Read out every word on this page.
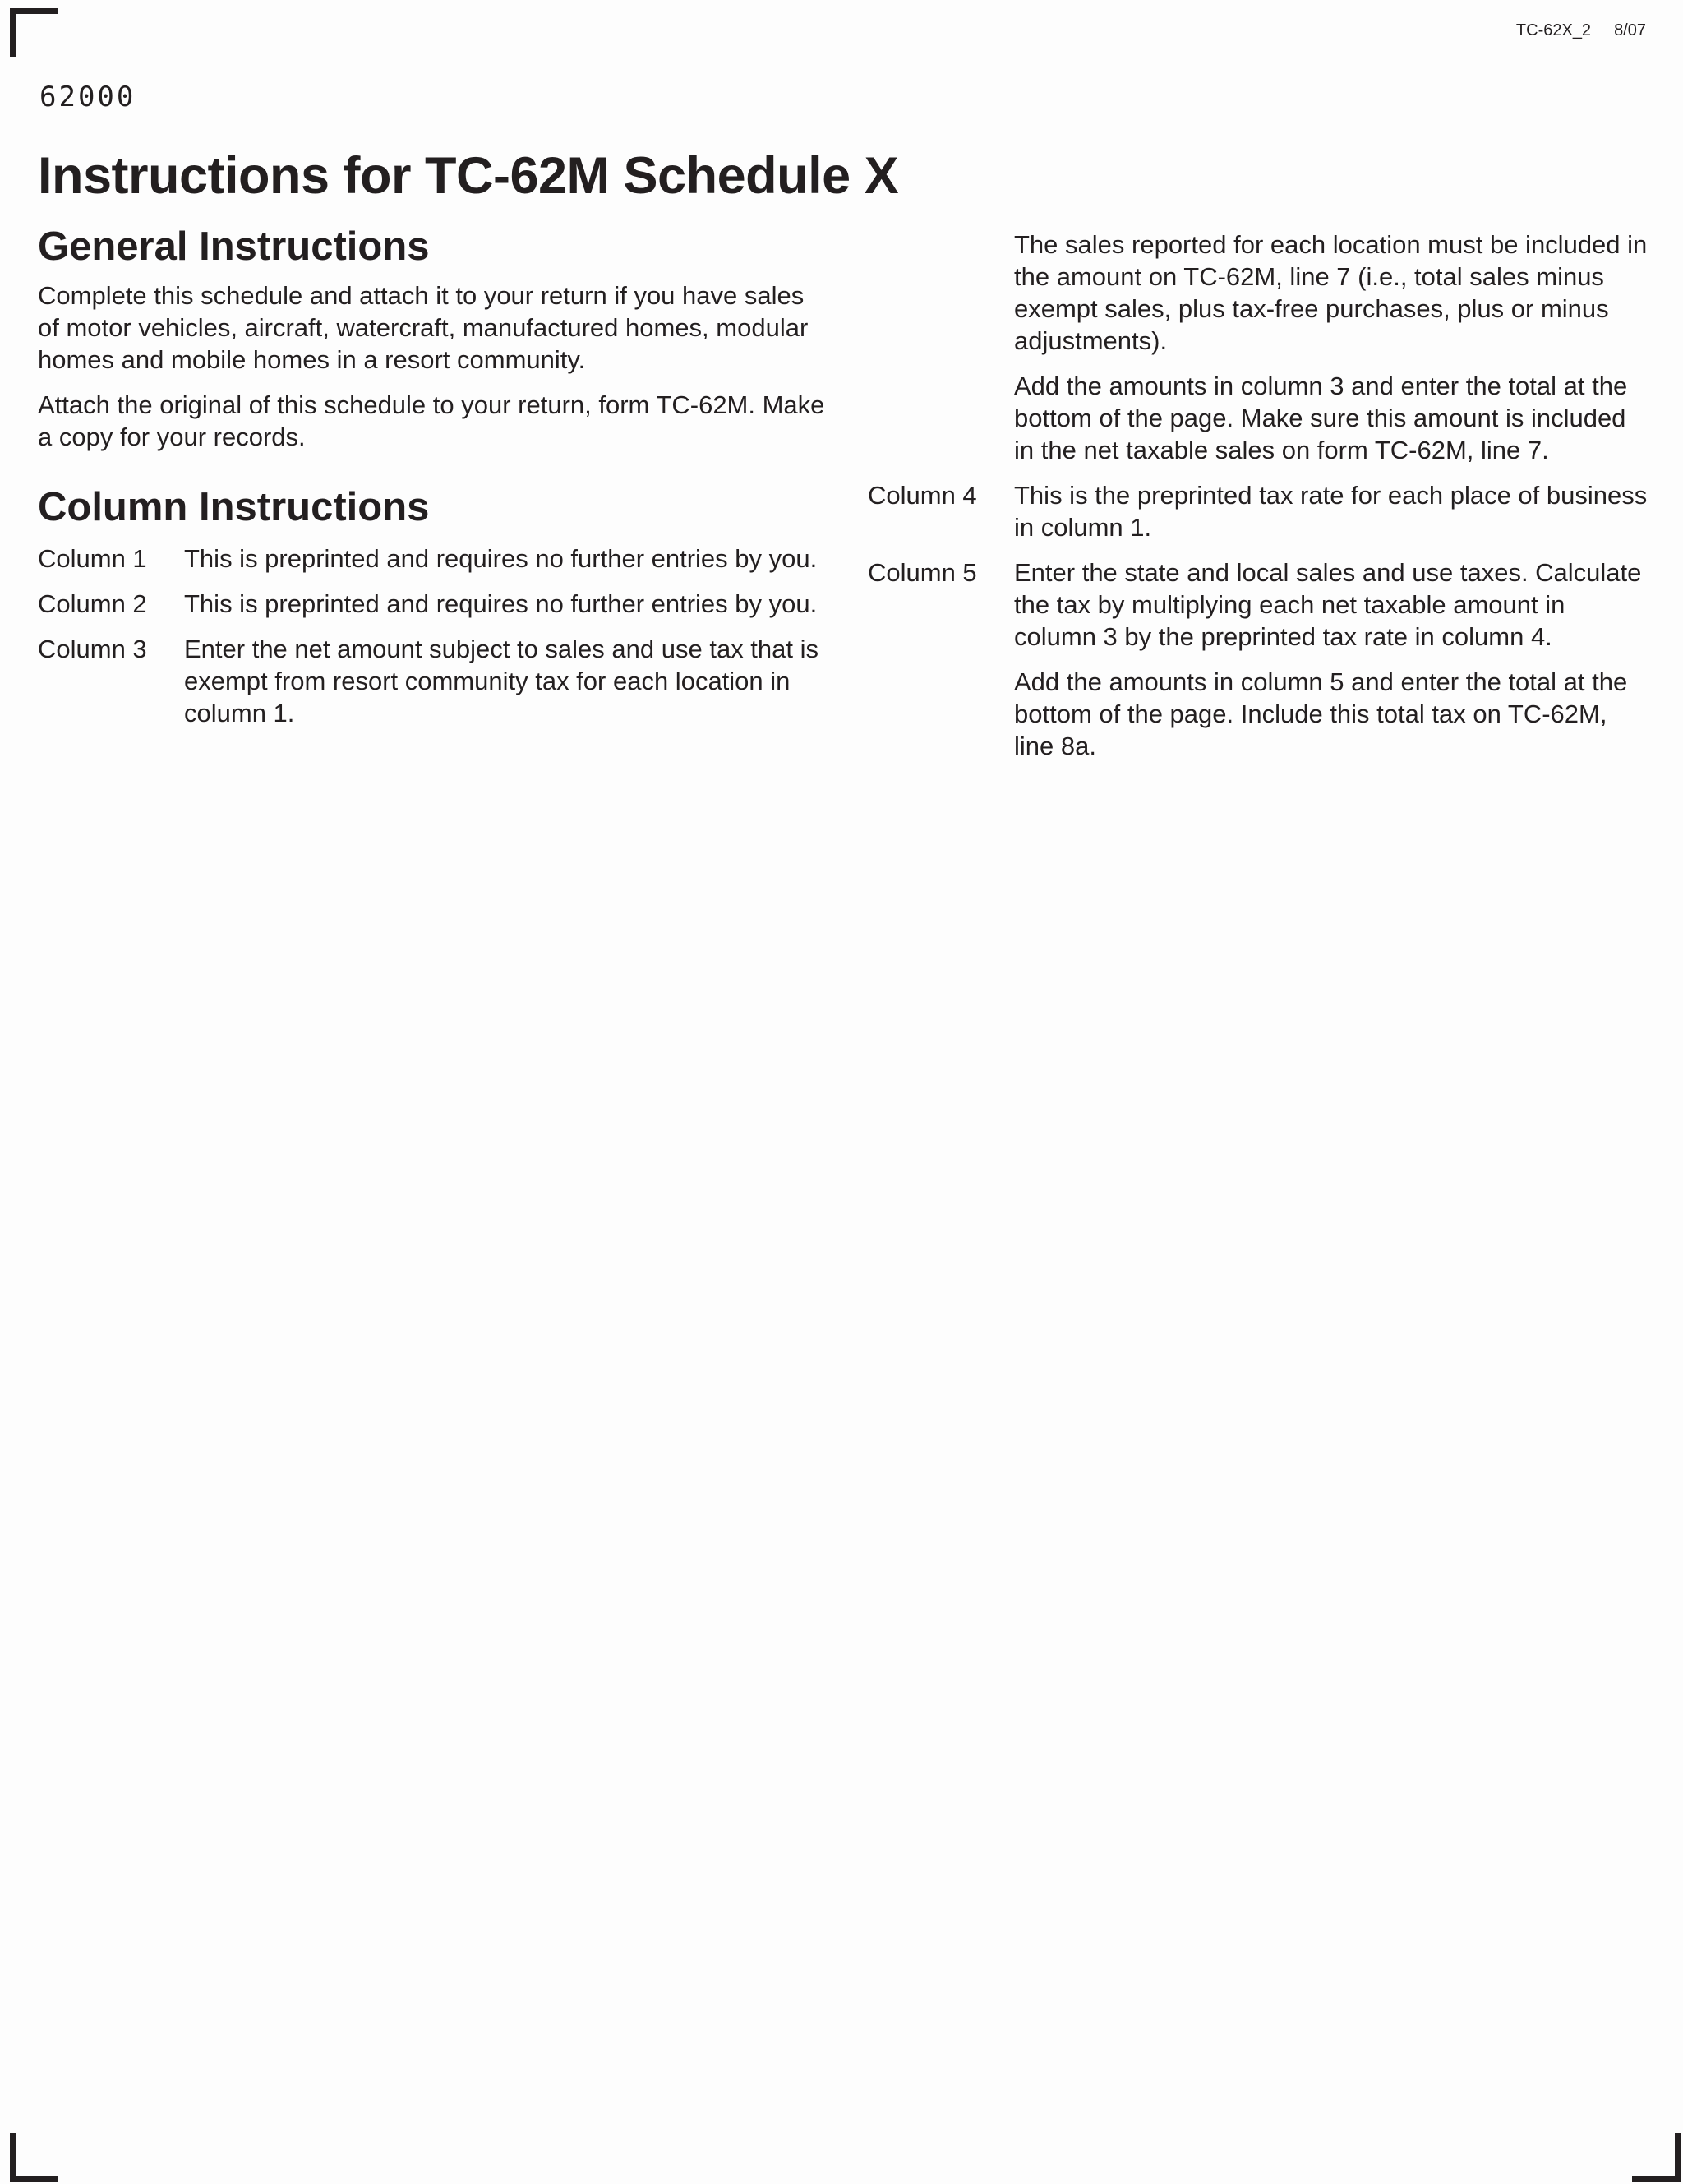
TC-62X_2 8/07
62000
Instructions for TC-62M Schedule X
General Instructions

Complete this schedule and attach it to your return if you have sales of motor vehicles, aircraft, watercraft, manufactured homes, modular homes and mobile homes in a resort community.

Attach the original of this schedule to your return, form TC-62M. Make a copy for your records.

Column Instructions
Column 1	This is preprinted and requires no further entries by you.
Column 2	This is preprinted and requires no further entries by you.
Column 3	Enter the net amount subject to sales and use tax that is exempt from resort community tax for each location in column 1.

The sales reported for each location must be included in the amount on TC-62M, line 7 (i.e., total sales minus exempt sales, plus tax-free purchases, plus or minus adjustments).

Add the amounts in column 3 and enter the total at the bottom of the page. Make sure this amount is included in the net taxable sales on form TC-62M, line 7.

Column 4	This is the preprinted tax rate for each place of business in column 1.
Column 5	Enter the state and local sales and use taxes. Calculate the tax by multiplying each net taxable amount in column 3 by the preprinted tax rate in column 4.

Add the amounts in column 5 and enter the total at the bottom of the page. Include this total tax on TC-62M, line 8a.
